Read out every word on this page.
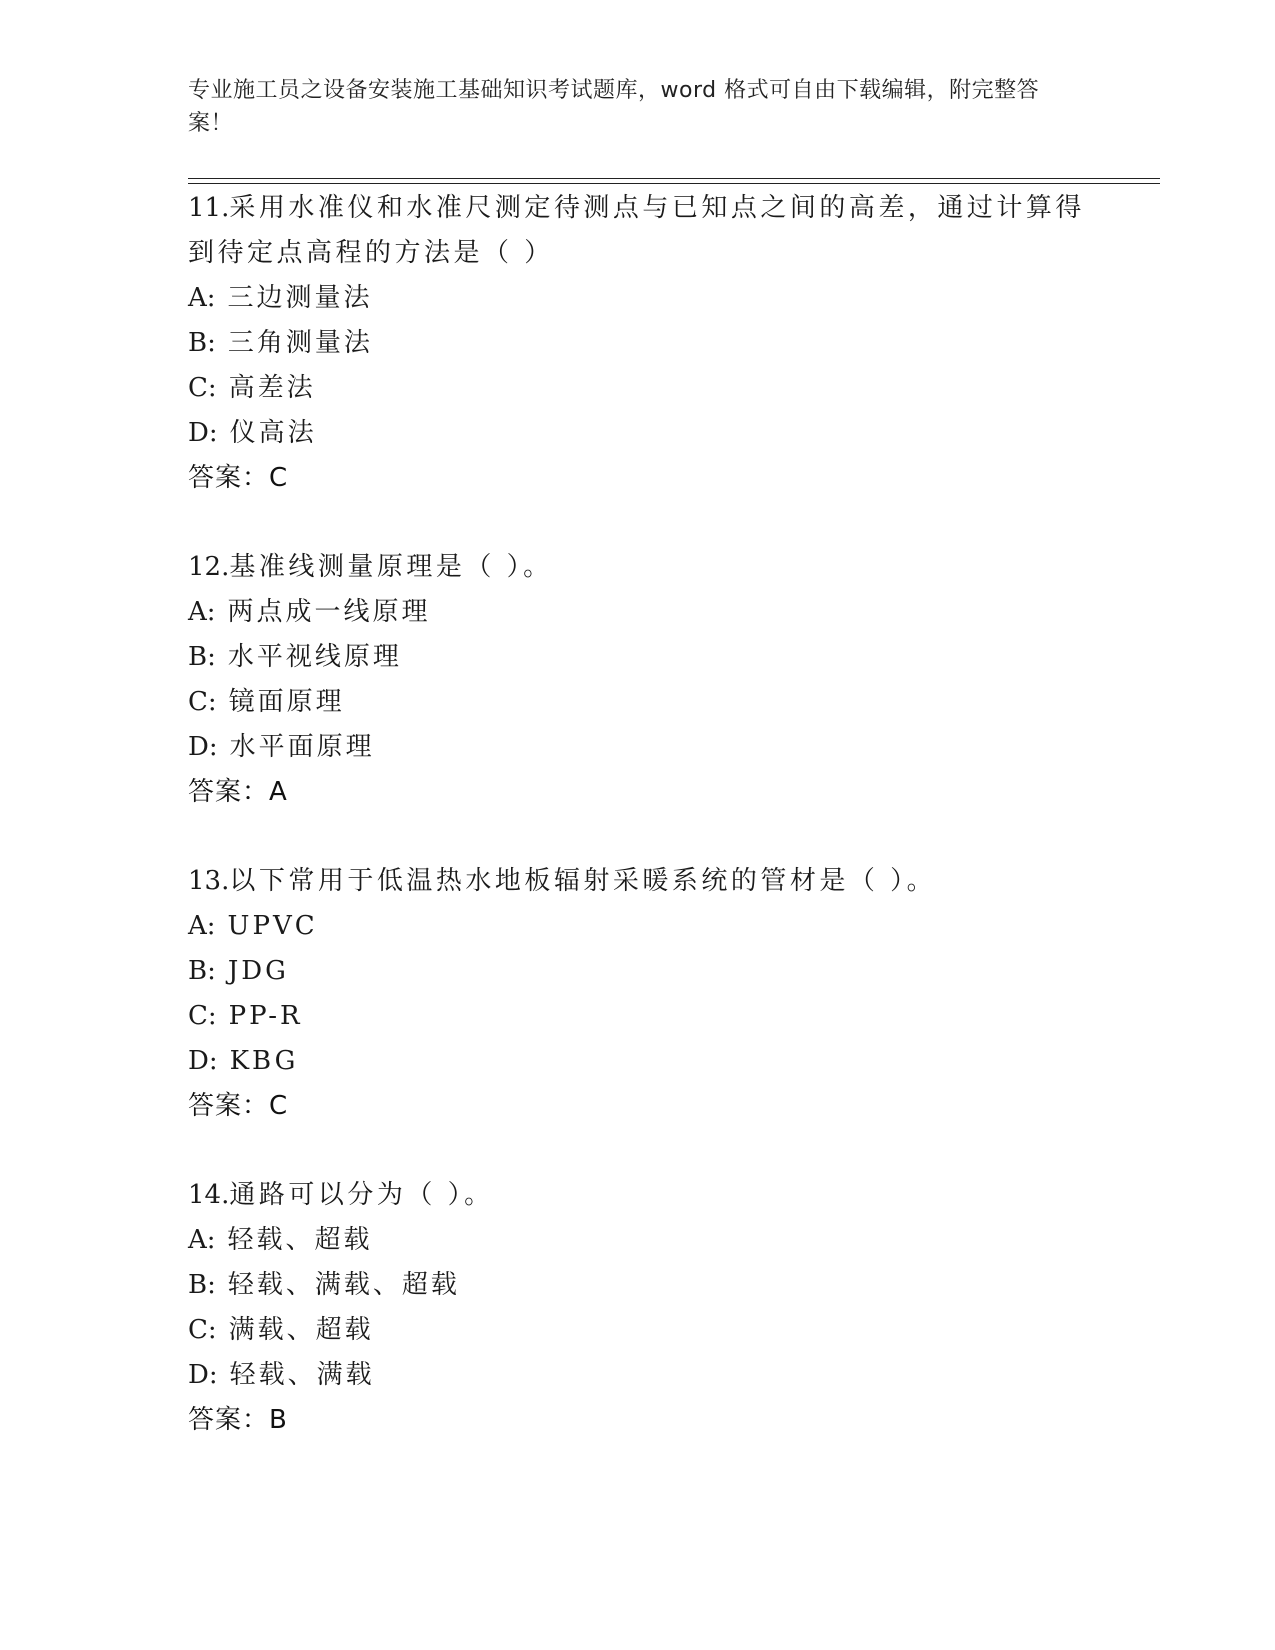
专业施工员之设备安装施工基础知识考试题库，word 格式可自由下载编辑，附完整答案！

11.采用水准仪和水准尺测定待测点与已知点之间的高差，通过计算得到待定点高程的方法是（ ）

A: 三边测量法
B: 三角测量法
C: 高差法
D: 仪高法
答案：C

12.基准线测量原理是（ ）。

A: 两点成一线原理
B: 水平视线原理
C: 镜面原理
D: 水平面原理
答案：A

13.以下常用于低温热水地板辐射采暖系统的管材是（ ）。

A: UPVC
B: JDG
C: PP-R
D: KBG
答案：C

14.通路可以分为（ ）。

A: 轻载、超载
B: 轻载、满载、超载
C: 满载、超载
D: 轻载、满载
答案：B
